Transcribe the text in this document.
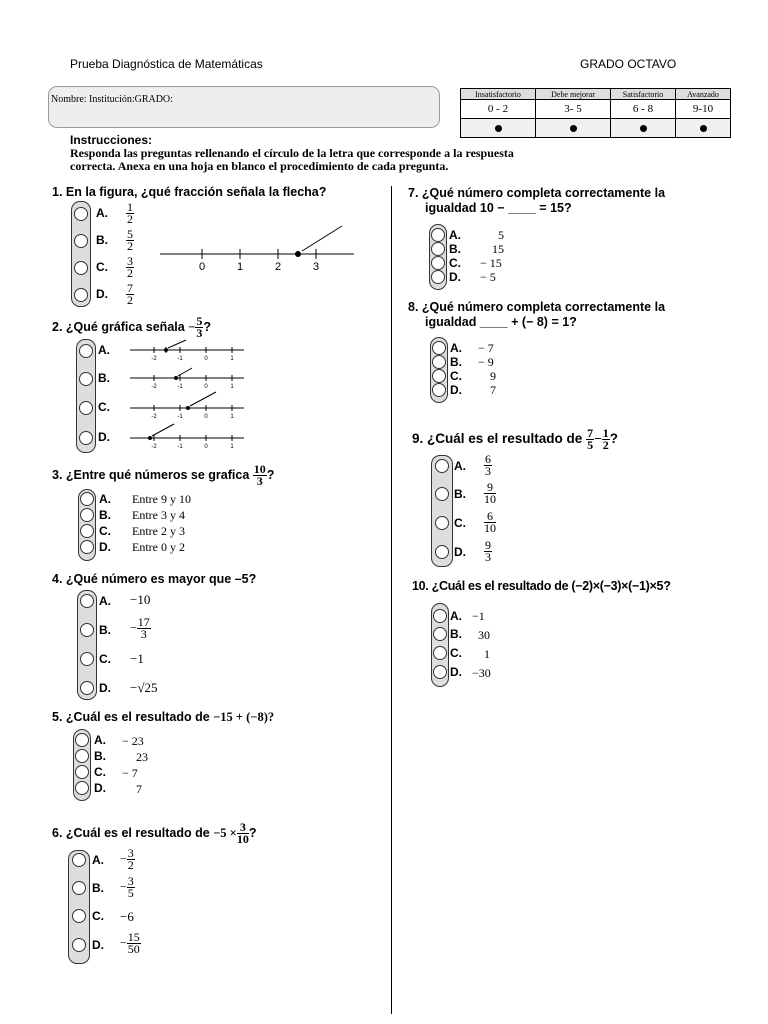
Prueba Diagnóstica de Matemáticas	GRADO OCTAVO
Nombre: Institución:GRADO:	Insatisfactorio	Debe mejorar	Satisfactorio	Avanzado
0 - 2	3- 5	6 - 8	9-10

Instrucciones:
Responda las preguntas rellenando el círculo de la letra que corresponde a la respuesta
correcta. Anexa en una hoja en blanco el procedimiento de cada pregunta.
1. En la figura, ¿qué fracción señala la flecha?
A.
B.
C.
D.
$\frac{1}{2}$
$\frac{5}{2}$
$\frac{3}{2}$
$\frac{7}{2}$
0	1	2	3
2. ¿Qué gráfica señala − $\frac{5}{3}$ ?
A.
B.
C.
D.
-2	-1	0	1
-2	-1	0	1
-2	-1	0	1
-2	-1	0	1
3. ¿Entre qué números se grafica $\frac{10}{3}$ ?
A.
B.
C.
D.
Entre 9 y 10
Entre 3 y 4
Entre 2 y 3
Entre 0 y 2
4. ¿Qué número es mayor que –5?
A.
B.
C.
D.
−10
− $\frac{17}{3}$
−1
−√25
5. ¿Cuál es el resultado de −15 + (−8)?
A.
B.
C.
D.
− 23
23
− 7
7
6. ¿Cuál es el resultado de $-5 \times \frac{3}{10}$ ?
A.
B.
C.
D.
− $\frac{3}{2}$
− $\frac{3}{5}$
−6
− $\frac{15}{50}$
7. ¿Qué número completa correctamente la
igualdad 10 − ____ = 15?
A.
B.
C.
D.
5
15
− 15
− 5
8. ¿Qué número completa correctamente la
igualdad ____ + (− 8) = 1?
A.
B.
C.
D.
− 7
− 9
9
7
9. ¿Cuál es el resultado de $\frac{7}{5} - \frac{1}{2}$ ?
A.
B.
C.
D.
$\frac{6}{3}$
$\frac{9}{10}$
$\frac{6}{10}$
$\frac{9}{3}$
10. ¿Cuál es el resultado de (−2)×(−3)×(−1)×5?
A.
B.
C.
D.
−1
30
1
−30
